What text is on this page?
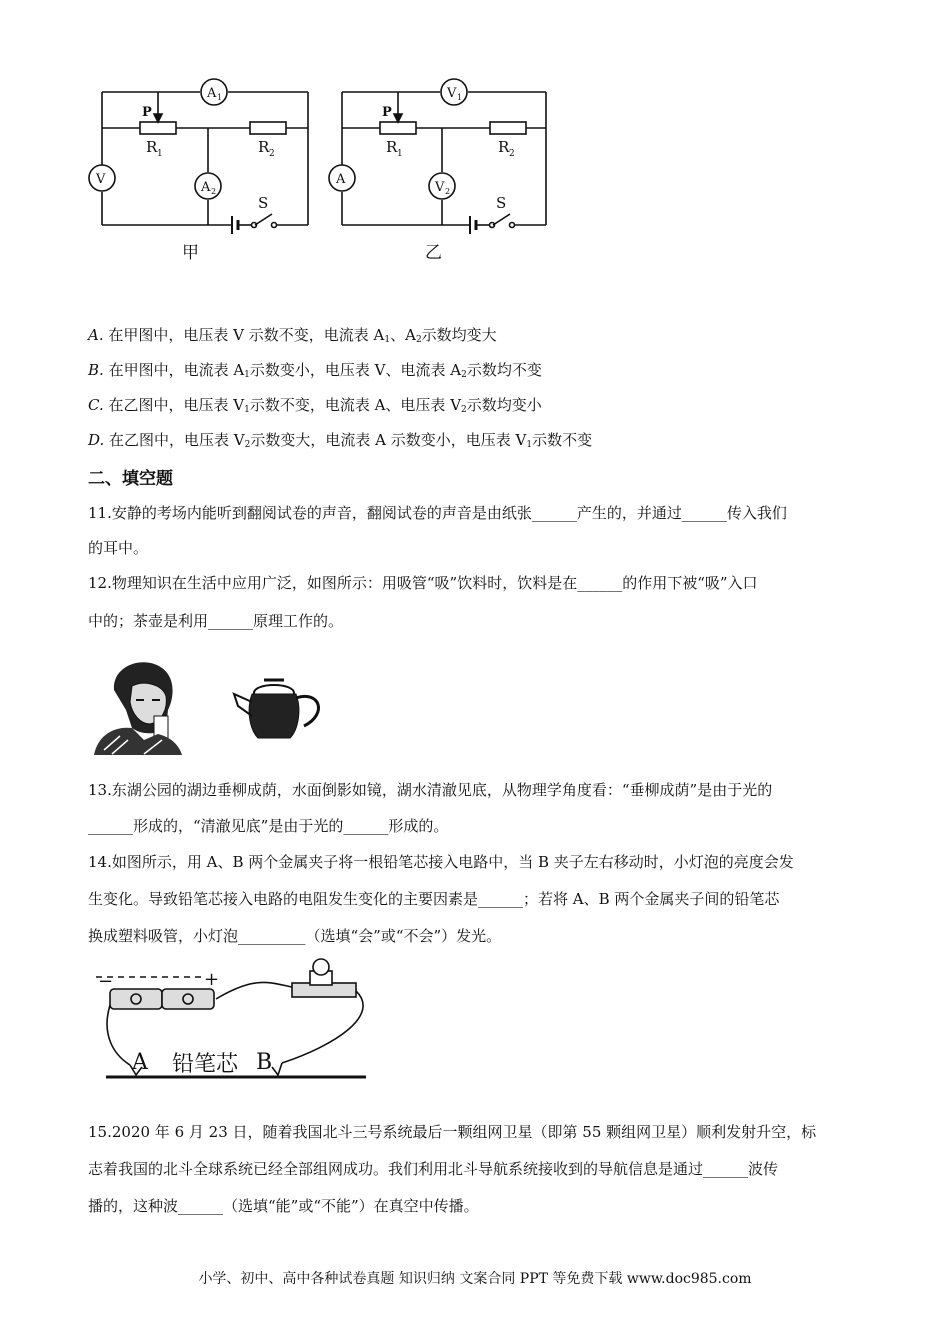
A 1
P
R 1	R 2
V
A 2
S
甲
V 1
P
R 1	R 2
A
V 2
S
乙
A. 在甲图中，电压表 V 示数不变，电流表 $A_1$、$A_2$示数均变大
B. 在甲图中，电流表 $A_1$示数变小，电压表 V、电流表 $A_2$示数均不变
C. 在乙图中，电压表 $V_1$示数不变，电流表 A、电压表 $V_2$示数均变小
D. 在乙图中，电压表 $V_2$示数变大，电流表 A 示数变小，电压表 $V_1$示数不变
二、填空题
11.安静的考场内能听到翻阅试卷的声音，翻阅试卷的声音是由纸张______产生的，并通过______传入我们
的耳中。
12.物理知识在生活中应用广泛，如图所示：用吸管“吸”饮料时，饮料是在______的作用下被“吸”入口
中的；茶壶是利用______原理工作的。
13.东湖公园的湖边垂柳成荫，水面倒影如镜，湖水清澈见底，从物理学角度看：“垂柳成荫”是由于光的
______形成的，“清澈见底”是由于光的______形成的。
14.如图所示，用 A、B 两个金属夹子将一根铅笔芯接入电路中，当 B 夹子左右移动时，小灯泡的亮度会发
生变化。导致铅笔芯接入电路的电阻发生变化的主要因素是______；若将 A、B 两个金属夹子间的铅笔芯
换成塑料吸管，小灯泡_________（选填“会”或“不会”）发光。
−	+
A 铅笔芯 B
15.2020 年 6 月 23 日，随着我国北斗三号系统最后一颗组网卫星（即第 55 颗组网卫星）顺利发射升空，标
志着我国的北斗全球系统已经全部组网成功。我们利用北斗导航系统接收到的导航信息是通过______波传
播的，这种波______（选填“能”或“不能”）在真空中传播。
小学、初中、高中各种试卷真题 知识归纳 文案合同 PPT 等免费下载 www.doc985.com
